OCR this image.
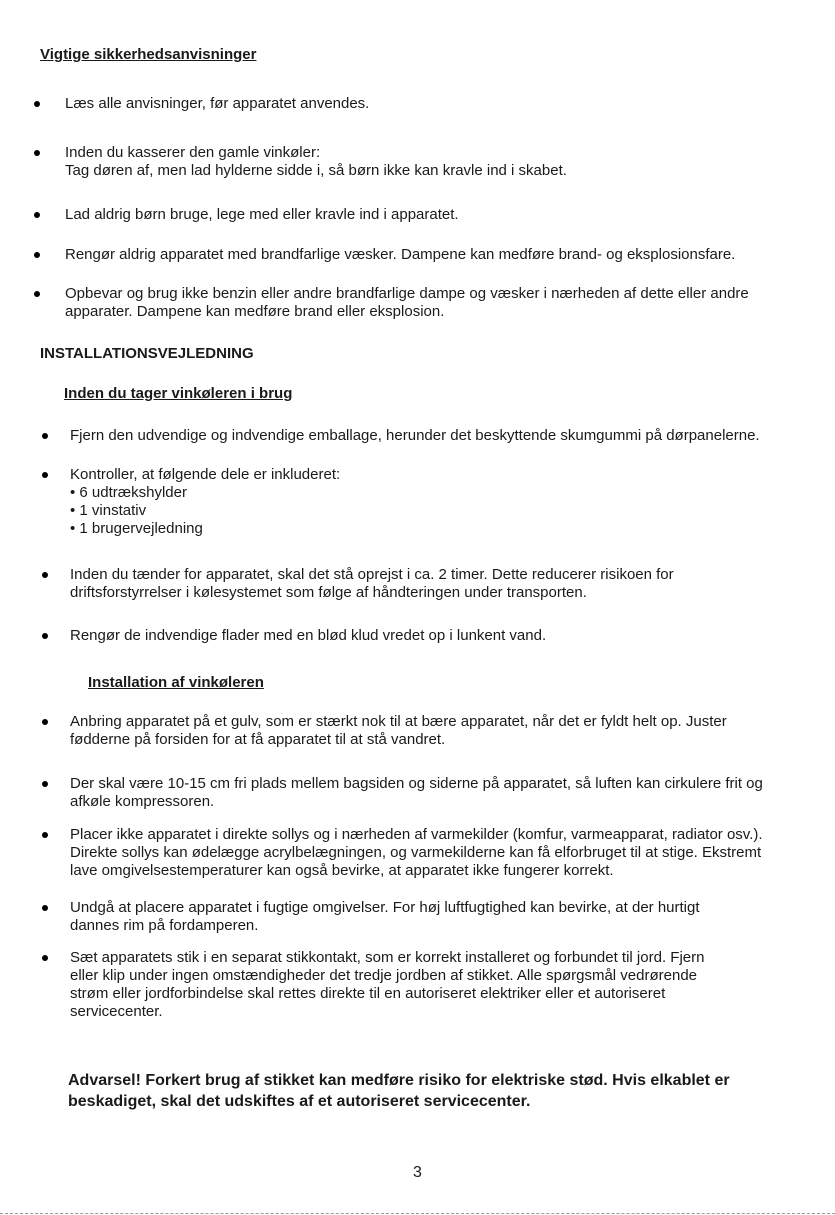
Vigtige sikkerhedsanvisninger
Læs alle anvisninger, før apparatet anvendes.
Inden du kasserer den gamle vinkøler:
Tag døren af, men lad hylderne sidde i, så børn ikke kan kravle ind i skabet.
Lad aldrig børn bruge, lege med eller kravle ind i apparatet.
Rengør aldrig apparatet med brandfarlige væsker. Dampene kan medføre brand- og eksplosionsfare.
Opbevar og brug ikke benzin eller andre brandfarlige dampe og væsker i nærheden af dette eller andre
apparater. Dampene kan medføre brand eller eksplosion.
INSTALLATIONSVEJLEDNING
Inden du tager vinkøleren i brug
Fjern den udvendige og indvendige emballage, herunder det beskyttende skumgummi på dørpanelerne.
Kontroller, at følgende dele er inkluderet:
• 6 udtrækshylder
• 1 vinstativ
• 1 brugervejledning
Inden du tænder for apparatet, skal det stå oprejst i ca. 2 timer. Dette reducerer risikoen for
driftsforstyrrelser i kølesystemet som følge af håndteringen under transporten.
Rengør de indvendige flader med en blød klud vredet op i lunkent vand.
Installation af vinkøleren
Anbring apparatet på et gulv, som er stærkt nok til at bære apparatet, når det er fyldt helt op. Juster
fødderne på forsiden for at få apparatet til at stå vandret.
Der skal være 10-15 cm fri plads mellem bagsiden og siderne på apparatet, så luften kan cirkulere frit og
afkøle kompressoren.
Placer ikke apparatet i direkte sollys og i nærheden af varmekilder (komfur, varmeapparat, radiator osv.).
Direkte sollys kan ødelægge acrylbelægningen, og varmekilderne kan få elforbruget til at stige. Ekstremt
lave omgivelsestemperaturer kan også bevirke, at apparatet ikke fungerer korrekt.
Undgå at placere apparatet i fugtige omgivelser. For høj luftfugtighed kan bevirke, at der hurtigt
dannes rim på fordamperen.
Sæt apparatets stik i en separat stikkontakt, som er korrekt installeret og forbundet til jord. Fjern
eller klip under ingen omstændigheder det tredje jordben af stikket. Alle spørgsmål vedrørende
strøm eller jordforbindelse skal rettes direkte til en autoriseret elektriker eller et autoriseret
servicecenter.
Advarsel! Forkert brug af stikket kan medføre risiko for elektriske stød. Hvis elkablet er
beskadiget, skal det udskiftes af et autoriseret servicecenter.
3
